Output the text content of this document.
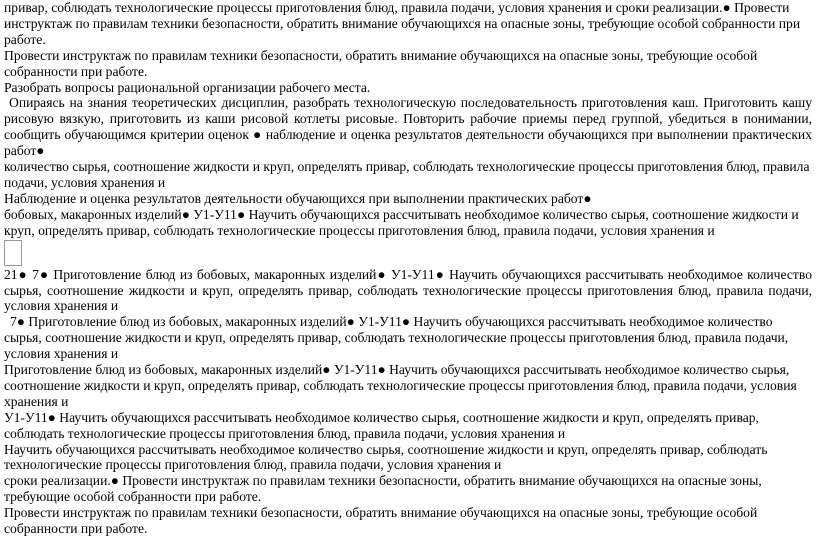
привар, соблюдать технологические процессы приготовления блюд, правила подачи, условия хранения и сроки реализации.● Провести инструктаж по правилам техники безопасности, обратить внимание обучающихся на опасные зоны, требующие особой собранности при работе.

Провести инструктаж по правилам техники безопасности, обратить внимание обучающихся на опасные зоны, требующие особой собранности при работе.

Разобрать вопросы рациональной организации рабочего места.

Опираясь на знания теоретических дисциплин, разобрать технологическую последовательность приготовления каш. Приготовить кашу рисовую вязкую, приготовить из каши рисовой котлеты рисовые. Повторить рабочие приемы перед группой, убедиться в понимании, сообщить обучающимся критерии оценок ● наблюдение и оценка результатов деятельности обучающихся при выполнении практических работ●

количество сырья, соотношение жидкости и круп, определять привар, соблюдать технологические процессы приготовления блюд, правила подачи, условия хранения и

Наблюдение и оценка результатов деятельности обучающихся при выполнении практических работ●

бобовых, макаронных изделий● У1-У11● Научить обучающихся рассчитывать необходимое количество сырья, соотношение жидкости и круп, определять привар, соблюдать технологические процессы приготовления блюд, правила подачи, условия хранения и

21● 7● Приготовление блюд из бобовых, макаронных изделий● У1-У11● Научить обучающихся рассчитывать необходимое количество сырья, соотношение жидкости и круп, определять привар, соблюдать технологические процессы приготовления блюд, правила подачи, условия хранения и

7● Приготовление блюд из бобовых, макаронных изделий● У1-У11● Научить обучающихся рассчитывать необходимое количество сырья, соотношение жидкости и круп, определять привар, соблюдать технологические процессы приготовления блюд, правила подачи, условия хранения и

Приготовление блюд из бобовых, макаронных изделий● У1-У11● Научить обучающихся рассчитывать необходимое количество сырья, соотношение жидкости и круп, определять привар, соблюдать технологические процессы приготовления блюд, правила подачи, условия хранения и

У1-У11● Научить обучающихся рассчитывать необходимое количество сырья, соотношение жидкости и круп, определять привар, соблюдать технологические процессы приготовления блюд, правила подачи, условия хранения и

Научить обучающихся рассчитывать необходимое количество сырья, соотношение жидкости и круп, определять привар, соблюдать технологические процессы приготовления блюд, правила подачи, условия хранения и

сроки реализации.● Провести инструктаж по правилам техники безопасности, обратить внимание обучающихся на опасные зоны, требующие особой собранности при работе.

Провести инструктаж по правилам техники безопасности, обратить внимание обучающихся на опасные зоны, требующие особой собранности при работе.
